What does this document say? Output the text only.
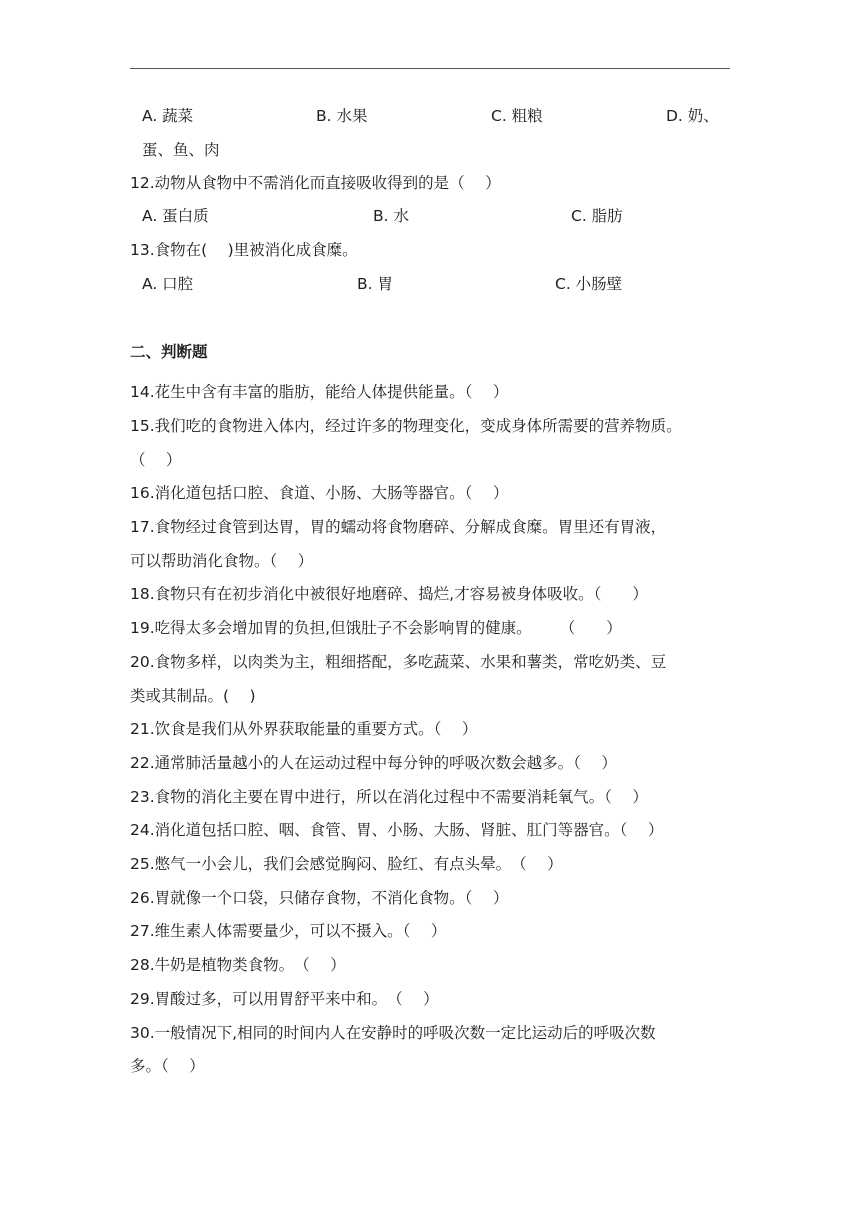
A. 蔬菜	B. 水果	C. 粗粮	D. 奶、
蛋、鱼、肉
12.动物从食物中不需消化而直接吸收得到的是（　 ）
A. 蛋白质	B. 水	C. 脂肪
13.食物在(　 )里被消化成食糜。
A. 口腔	B. 胃	C. 小肠壁
二、判断题
14.花生中含有丰富的脂肪，能给人体提供能量。（　 ）
15.我们吃的食物进入体内，经过许多的物理变化，变成身体所需要的营养物质。
（　 ）
16.消化道包括口腔、食道、小肠、大肠等器官。（　 ）
17.食物经过食管到达胃，胃的蠕动将食物磨碎、分解成食糜。胃里还有胃液，
可以帮助消化食物。（　 ）
18.食物只有在初步消化中被很好地磨碎、捣烂,才容易被身体吸收。（　　）
19.吃得太多会增加胃的负担,但饿肚子不会影响胃的健康。　　 （　　）
20.食物多样，以肉类为主，粗细搭配，多吃蔬菜、水果和薯类，常吃奶类、豆
类或其制品。(　 )
21.饮食是我们从外界获取能量的重要方式。（　 ）
22.通常肺活量越小的人在运动过程中每分钟的呼吸次数会越多。（　 ）
23.食物的消化主要在胃中进行，所以在消化过程中不需要消耗氧气。（　 ）
24.消化道包括口腔、咽、食管、胃、小肠、大肠、肾脏、肛门等器官。（　 ）
25.憋气一小会儿，我们会感觉胸闷、脸红、有点头晕。　（　 ）
26.胃就像一个口袋，只储存食物，不消化食物。（　 ）
27.维生素人体需要量少，可以不摄入。（　 ）
28.牛奶是植物类食物。　（　 ）
29.胃酸过多，可以用胃舒平来中和。　（　 ）
30.一般情况下,相同的时间内人在安静时的呼吸次数一定比运动后的呼吸次数
多。（　 ）
